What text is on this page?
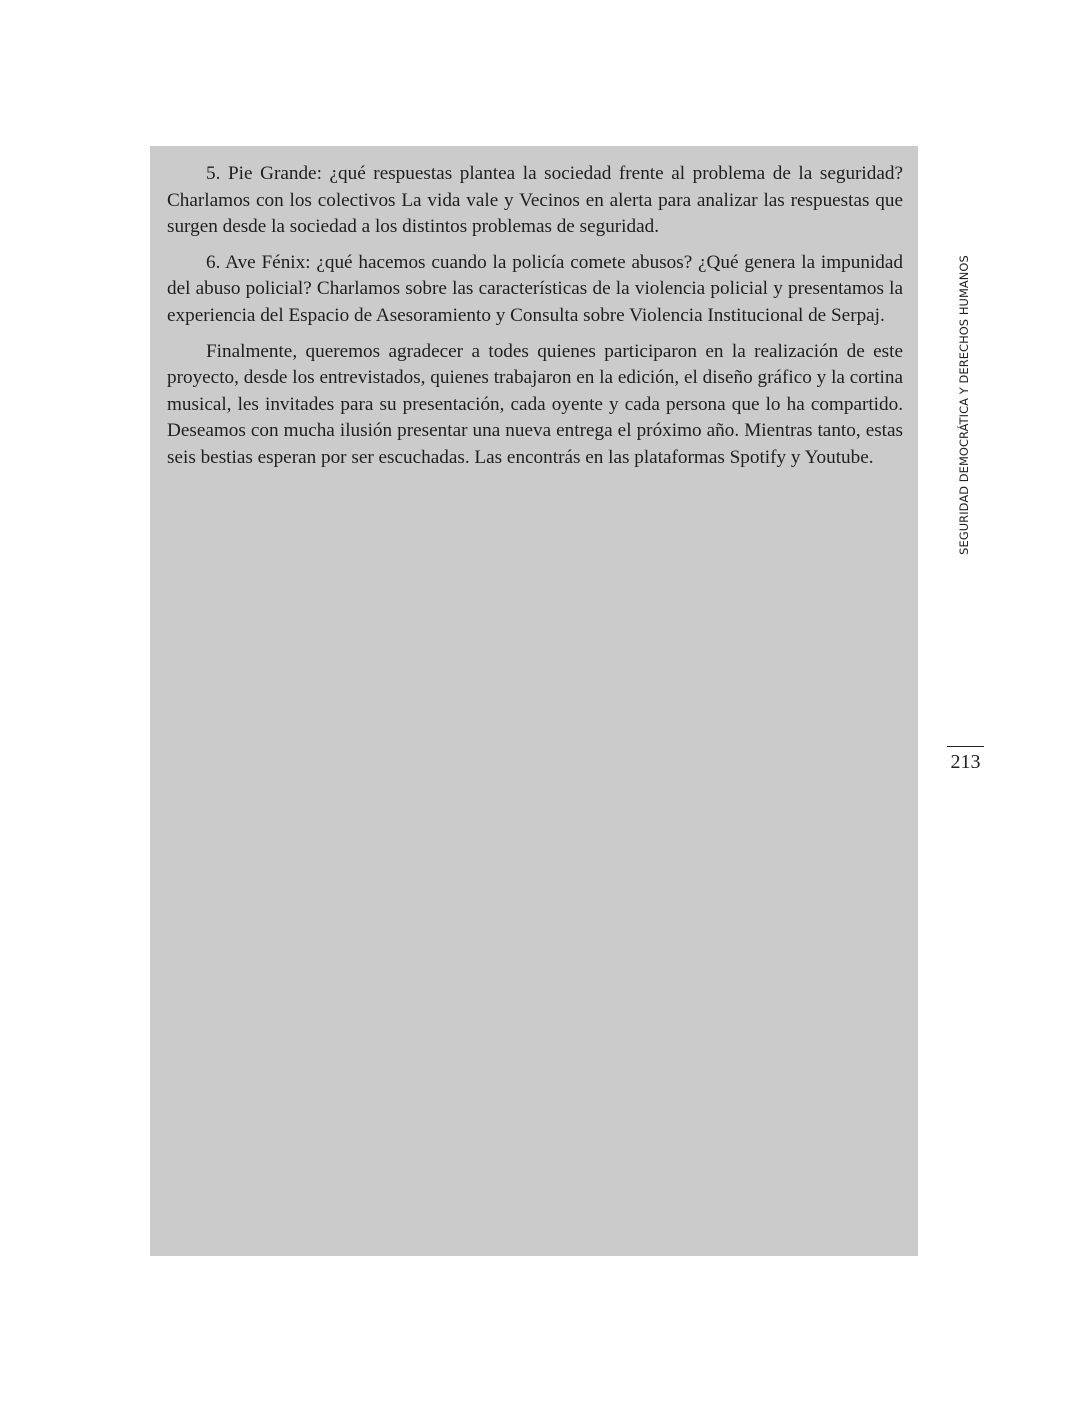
5. Pie Grande: ¿qué respuestas plantea la sociedad frente al problema de la seguridad? Charlamos con los colectivos La vida vale y Vecinos en alerta para analizar las respuestas que surgen desde la sociedad a los distintos problemas de seguridad.

6. Ave Fénix: ¿qué hacemos cuando la policía comete abusos? ¿Qué genera la impunidad del abuso policial? Charlamos sobre las características de la violencia policial y presentamos la experiencia del Espacio de Asesoramiento y Consulta sobre Violencia Institucional de Serpaj.

Finalmente, queremos agradecer a todes quienes participaron en la realización de este proyecto, desde los entrevistados, quienes trabajaron en la edición, el diseño gráfico y la cortina musical, les invitades para su presentación, cada oyente y cada persona que lo ha compartido. Deseamos con mucha ilusión presentar una nueva entrega el próximo año. Mientras tanto, estas seis bestias esperan por ser escuchadas. Las encontrás en las plataformas Spotify y Youtube.	SEGURIDAD DEMOCRÁTICA Y DERECHOS HUMANOS
213
